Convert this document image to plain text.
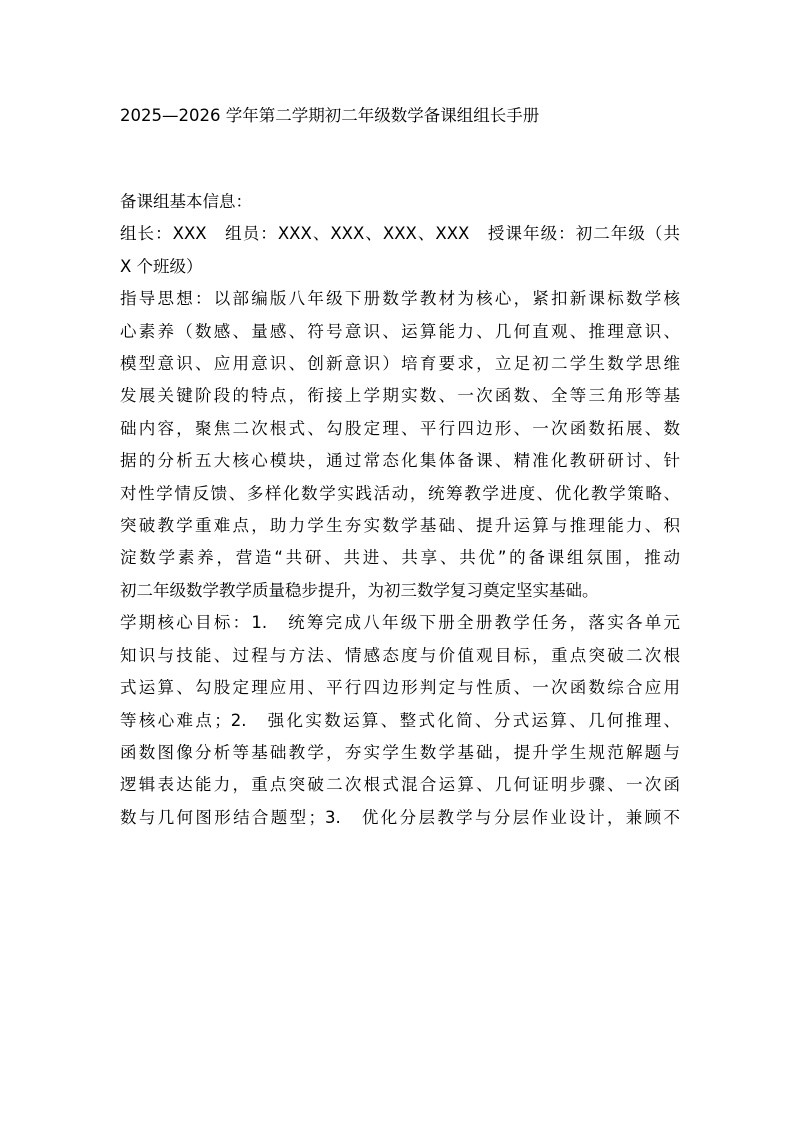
2025—2026 学年第二学期初二年级数学备课组组长手册

备课组基本信息：

组长：XXX　组员：XXX、XXX、XXX、XXX　授课年级：初二年级（共

X 个班级）

指导思想：以部编版八年级下册数学教材为核心，紧扣新课标数学核

心素养（数感、量感、符号意识、运算能力、几何直观、推理意识、

模型意识、应用意识、创新意识）培育要求，立足初二学生数学思维

发展关键阶段的特点，衔接上学期实数、一次函数、全等三角形等基

础内容，聚焦二次根式、勾股定理、平行四边形、一次函数拓展、数

据的分析五大核心模块，通过常态化集体备课、精准化教研研讨、针

对性学情反馈、多样化数学实践活动，统筹教学进度、优化教学策略、

突破教学重难点，助力学生夯实数学基础、提升运算与推理能力、积

淀数学素养，营造“共研、共进、共享、共优”的备课组氛围，推动

初二年级数学教学质量稳步提升，为初三数学复习奠定坚实基础。

学期核心目标：1.　统筹完成八年级下册全册教学任务，落实各单元

知识与技能、过程与方法、情感态度与价值观目标，重点突破二次根

式运算、勾股定理应用、平行四边形判定与性质、一次函数综合应用

等核心难点；2.　强化实数运算、整式化简、分式运算、几何推理、

函数图像分析等基础教学，夯实学生数学基础，提升学生规范解题与

逻辑表达能力，重点突破二次根式混合运算、几何证明步骤、一次函

数与几何图形结合题型；3.　优化分层教学与分层作业设计，兼顾不
